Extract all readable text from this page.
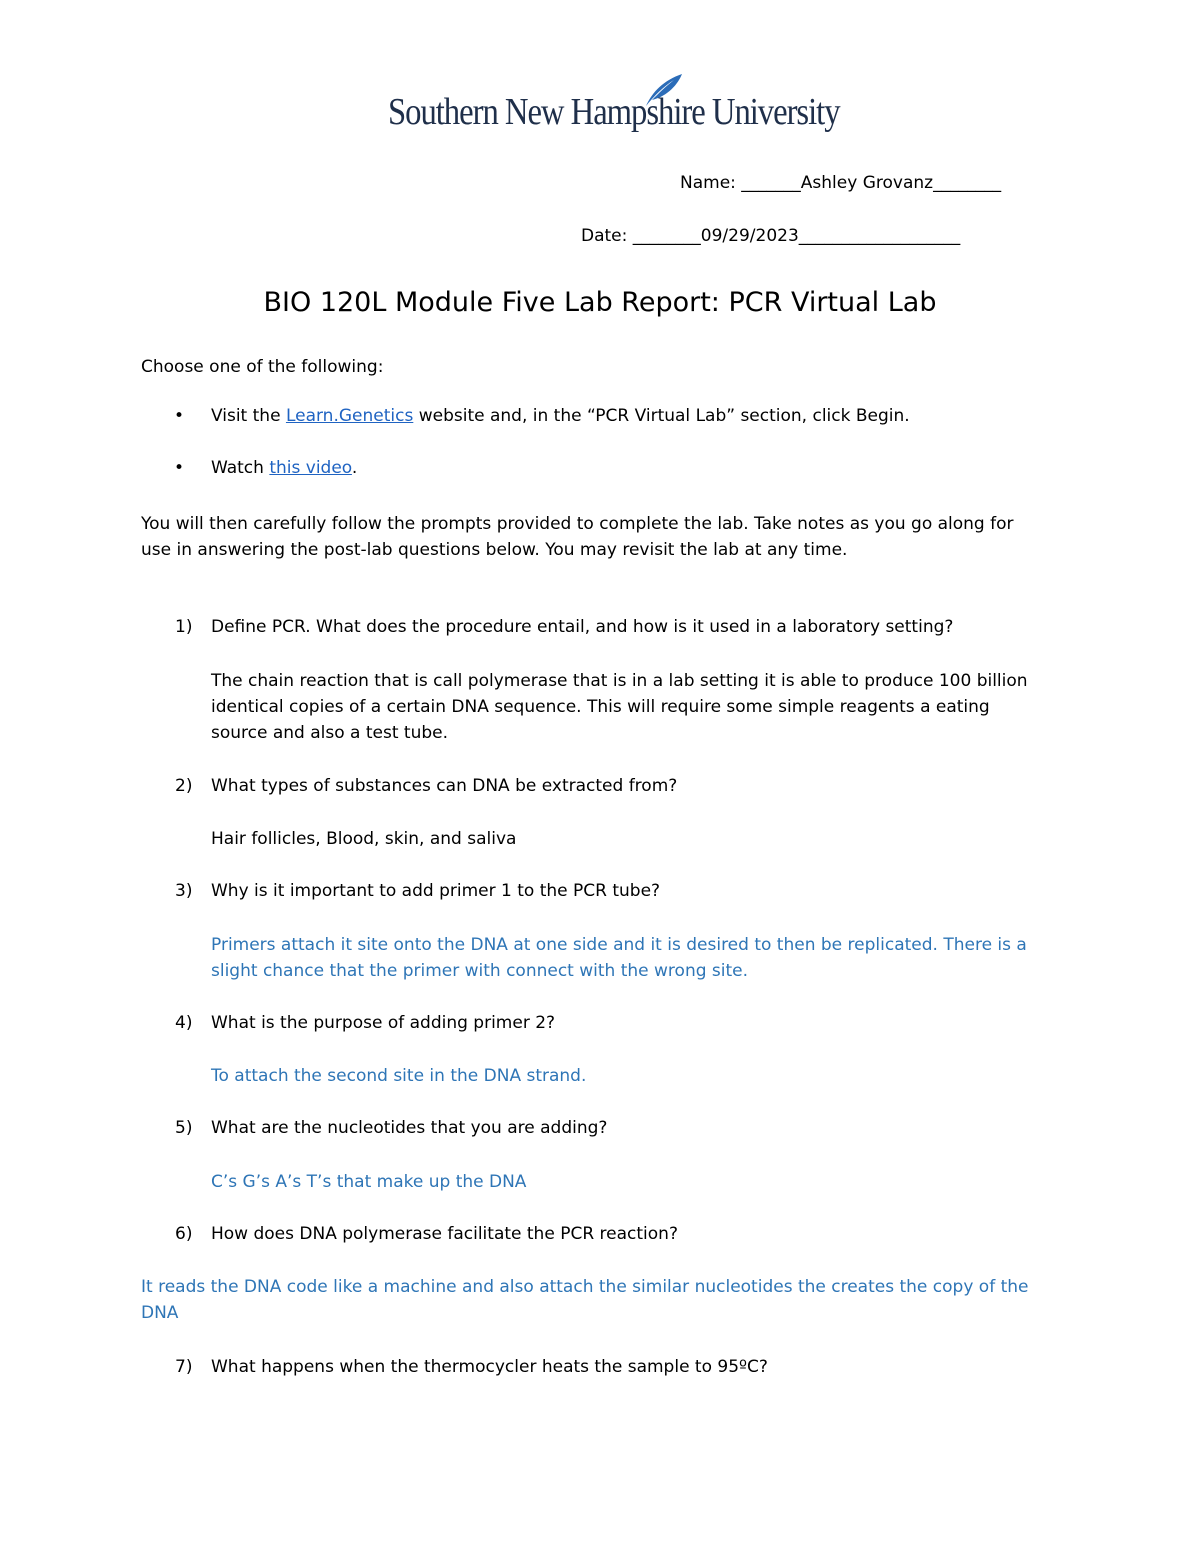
Southern New Hampshire University
Name: _______Ashley Grovanz________
Date: ________09/29/2023___________________
BIO 120L Module Five Lab Report: PCR Virtual Lab
Choose one of the following:
• Visit the Learn.Genetics website and, in the “PCR Virtual Lab” section, click Begin.
• Watch this video.
You will then carefully follow the prompts provided to complete the lab. Take notes as you go along for
use in answering the post-lab questions below. You may revisit the lab at any time.
1) Define PCR. What does the procedure entail, and how is it used in a laboratory setting?
The chain reaction that is call polymerase that is in a lab setting it is able to produce 100 billion
identical copies of a certain DNA sequence. This will require some simple reagents a eating
source and also a test tube.
2) What types of substances can DNA be extracted from?
Hair follicles, Blood, skin, and saliva
3) Why is it important to add primer 1 to the PCR tube?
Primers attach it site onto the DNA at one side and it is desired to then be replicated. There is a
slight chance that the primer with connect with the wrong site.
4) What is the purpose of adding primer 2?
To attach the second site in the DNA strand.
5) What are the nucleotides that you are adding?
C’s G’s A’s T’s that make up the DNA
6) How does DNA polymerase facilitate the PCR reaction?
It reads the DNA code like a machine and also attach the similar nucleotides the creates the copy of the
DNA
7) What happens when the thermocycler heats the sample to 95ºC?
